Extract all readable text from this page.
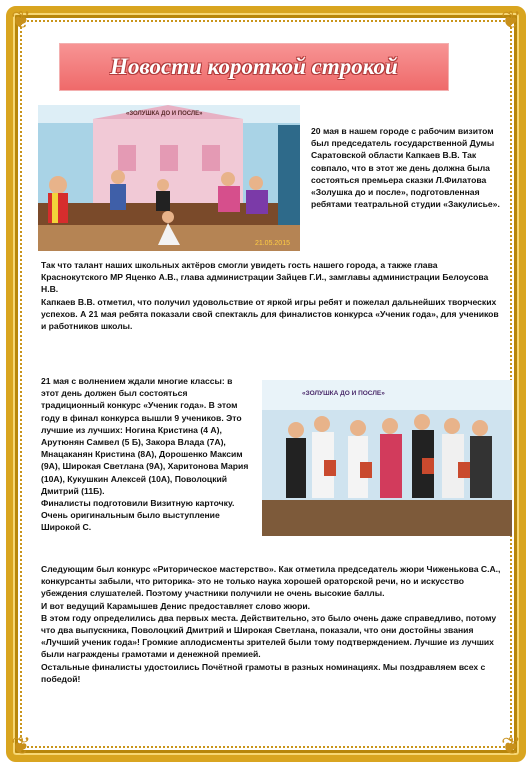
❦	❦
❦	❦
Новости короткой строкой
«ЗОЛУШКА ДО И ПОСЛЕ»
21.05.2015

20 мая в нашем городе с рабочим визитом был председатель государственной Думы Саратовской области Капкаев В.В. Так совпало, что в этот же день должна была состояться премьера сказки Л.Филатова «Золушка до и после», подготовленная ребятами театральной студии «Закулисье».

Так что талант наших школьных актёров смогли увидеть гость нашего города, а также глава Краснокутского МР Яценко А.В., глава администрации Зайцев Г.И., замглавы администрации Белоусова Н.В.

Капкаев В.В. отметил, что получил удовольствие от яркой игры ребят и пожелал дальнейших творческих успехов. А 21 мая ребята показали свой спектакль для финалистов конкурса «Ученик года», для учеников и работников школы.

21 мая с волнением ждали многие классы: в этот день должен был состояться традиционный конкурс «Ученик года». В этом году в финал конкурса вышли 9 учеников. Это лучшие из лучших: Ногина Кристина (4 А), Арутюнян Самвел (5 Б), Закора Влада (7А), Мнацаканян Кристина (8А), Дорошенко Максим (9А), Широкая Светлана (9А), Харитонова Мария (10А), Кукушкин Алексей (10А), Поволоцкий Дмитрий (11Б).

Финалисты подготовили Визитную карточку. Очень оригинальным было выступление Широкой С.

«ЗОЛУШКА ДО И ПОСЛЕ»

Следующим был конкурс «Риторическое мастерство». Как отметила председатель жюри Чиженькова С.А., конкурсанты забыли, что риторика- это не только наука хорошей ораторской речи, но и искусство убеждения слушателей. Поэтому участники получили не очень высокие баллы.

И вот ведущий Карамышев Денис предоставляет слово жюри.

В этом году определились два первых места. Действительно, это было очень даже справедливо, потому что два выпускника, Поволоцкий Дмитрий и Широкая Светлана, показали, что они достойны звания «Лучший ученик года»! Громкие аплодисменты зрителей были тому подтверждением. Лучшие из лучших были награждены грамотами и денежной премией.

Остальные финалисты удостоились Почётной грамоты в разных номинациях. Мы поздравляем всех с победой!
